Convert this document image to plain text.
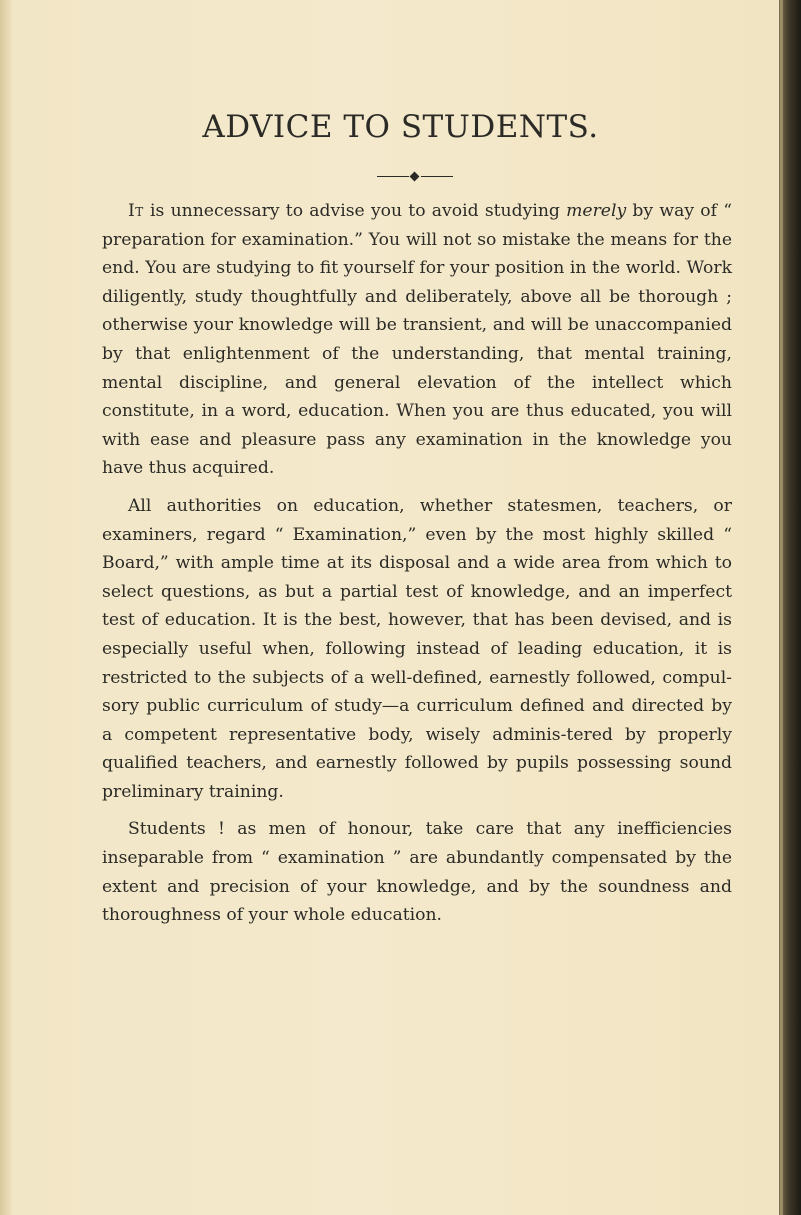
ADVICE TO STUDENTS.

It is unnecessary to advise you to avoid studying merely by way of “ preparation for examination.” You will not so mistake the means for the end. You are studying to fit yourself for your position in the world. Work diligently, study thoughtfully and deliberately, above all be thorough ; otherwise your knowledge will be transient, and will be unaccompanied by that enlightenment of the understanding, that mental training, mental discipline, and general elevation of the intellect which constitute, in a word, education. When you are thus educated, you will with ease and pleasure pass any examination in the knowledge you have thus acquired.

All authorities on education, whether statesmen, teachers, or examiners, regard “ Examination,” even by the most highly skilled “ Board,” with ample time at its disposal and a wide area from which to select questions, as but a partial test of knowledge, and an imperfect test of education. It is the best, however, that has been devised, and is especially useful when, following instead of leading education, it is restricted to the subjects of a well-defined, earnestly followed, compul-sory public curriculum of study—a curriculum defined and directed by a competent representative body, wisely adminis-tered by properly qualified teachers, and earnestly followed by pupils possessing sound preliminary training.

Students ! as men of honour, take care that any inefficiencies inseparable from “ examination ” are abundantly compensated by the extent and precision of your knowledge, and by the soundness and thoroughness of your whole education.
